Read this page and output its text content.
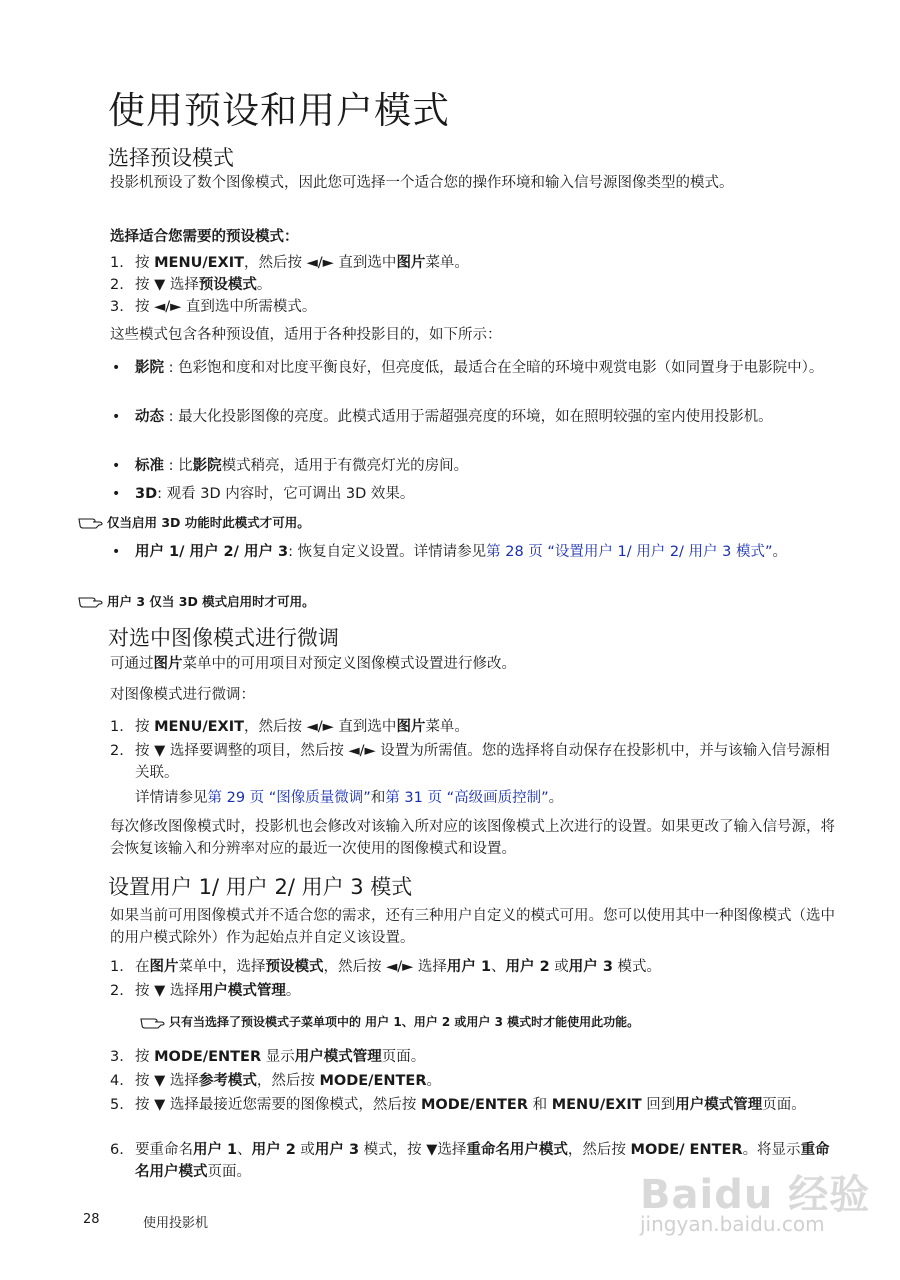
使用预设和用户模式
选择预设模式

投影机预设了数个图像模式，因此您可选择一个适合您的操作环境和输入信号源图像类型的模式。

选择适合您需要的预设模式：

1. 按 MENU/EXIT，然后按 ◄/► 直到选中图片菜单。
2. 按 ▼ 选择预设模式。
3. 按 ◄/► 直到选中所需模式。

这些模式包含各种预设值，适用于各种投影目的，如下所示：

• 影院 : 色彩饱和度和对比度平衡良好，但亮度低，最适合在全暗的环境中观赏电影（如同置身于电影院中）。
• 动态 : 最大化投影图像的亮度。此模式适用于需超强亮度的环境，如在照明较强的室内使用投影机。
• 标准 : 比影院模式稍亮，适用于有微亮灯光的房间。
• 3D: 观看 3D 内容时，它可调出 3D 效果。
仅当启用 3D 功能时此模式才可用。
• 用户 1/ 用户 2/ 用户 3: 恢复自定义设置。详情请参见第 28 页 “设置用户 1/ 用户 2/ 用户 3 模式”。
用户 3 仅当 3D 模式启用时才可用。
对选中图像模式进行微调

可通过图片菜单中的可用项目对预定义图像模式设置进行修改。

对图像模式进行微调：

1. 按 MENU/EXIT，然后按 ◄/► 直到选中图片菜单。
2. 按 ▼ 选择要调整的项目，然后按 ◄/► 设置为所需值。您的选择将自动保存在投影机中，并与该输入信号源相关联。
详情请参见第 29 页 “图像质量微调”和第 31 页 “高级画质控制”。

每次修改图像模式时，投影机也会修改对该输入所对应的该图像模式上次进行的设置。如果更改了输入信号源，将会恢复该输入和分辨率对应的最近一次使用的图像模式和设置。

设置用户 1/ 用户 2/ 用户 3 模式

如果当前可用图像模式并不适合您的需求，还有三种用户自定义的模式可用。您可以使用其中一种图像模式（选中的用户模式除外）作为起始点并自定义该设置。

1. 在图片菜单中，选择预设模式，然后按 ◄/► 选择用户 1、用户 2 或用户 3 模式。
2. 按 ▼ 选择用户模式管理。
只有当选择了预设模式子菜单项中的 用户 1、用户 2 或用户 3 模式时才能使用此功能。
3. 按 MODE/ENTER 显示用户模式管理页面。
4. 按 ▼ 选择参考模式，然后按 MODE/ENTER。
5. 按 ▼ 选择最接近您需要的图像模式，然后按 MODE/ENTER 和 MENU/EXIT 回到用户模式管理页面。
6. 要重命名用户 1、用户 2 或用户 3 模式，按 ▼选择重命名用户模式，然后按 MODE/ ENTER。将显示重命名用户模式页面。
28	使用投影机
Baidu 经验
jingyan.baidu.com
